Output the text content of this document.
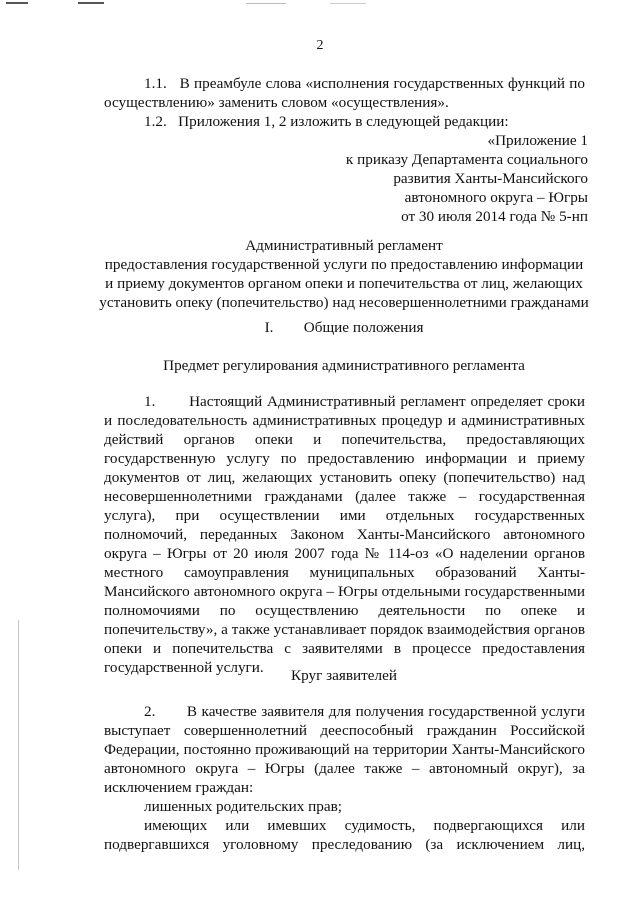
2

1.1.   В преамбуле слова «исполнения государственных функций по осуществлению» заменить словом «осуществления».

1.2.   Приложения 1, 2 изложить в следующей редакции:

«Приложение 1
к приказу Департамента социального
развития Ханты-Мансийского
автономного округа – Югры
от 30 июля 2014 года № 5-нп
Административный регламент
предоставления государственной услуги по предоставлению информации
и приему документов органом опеки и попечительства от лиц, желающих
установить опеку (попечительство) над несовершеннолетними гражданами
I.        Общие положения
Предмет регулирования административного регламента

1.       Настоящий Административный регламент определяет сроки и последовательность административных процедур и административных действий органов опеки и попечительства, предоставляющих государственную услугу по предоставлению информации и приему документов от лиц, желающих установить опеку (попечительство) над несовершеннолетними гражданами (далее также – государственная услуга), при осуществлении ими отдельных государственных полномочий, переданных Законом Ханты-Мансийского автономного округа – Югры от 20 июля 2007 года № 114-оз «О наделении органов местного самоуправления муниципальных образований Ханты-Мансийского автономного округа – Югры отдельными государственными полномочиями по осуществлению деятельности по опеке и попечительству», а также устанавливает порядок взаимодействия органов опеки и попечительства с заявителями в процессе предоставления государственной услуги.	Круг заявителей

2.       В качестве заявителя для получения государственной услуги выступает совершеннолетний дееспособный гражданин Российской Федерации, постоянно проживающий на территории Ханты-Мансийского автономного округа – Югры (далее также – автономный округ), за исключением граждан:

лишенных родительских прав;

имеющих или имевших судимость, подвергающихся или

подвергавшихся уголовному преследованию (за исключением лиц,
